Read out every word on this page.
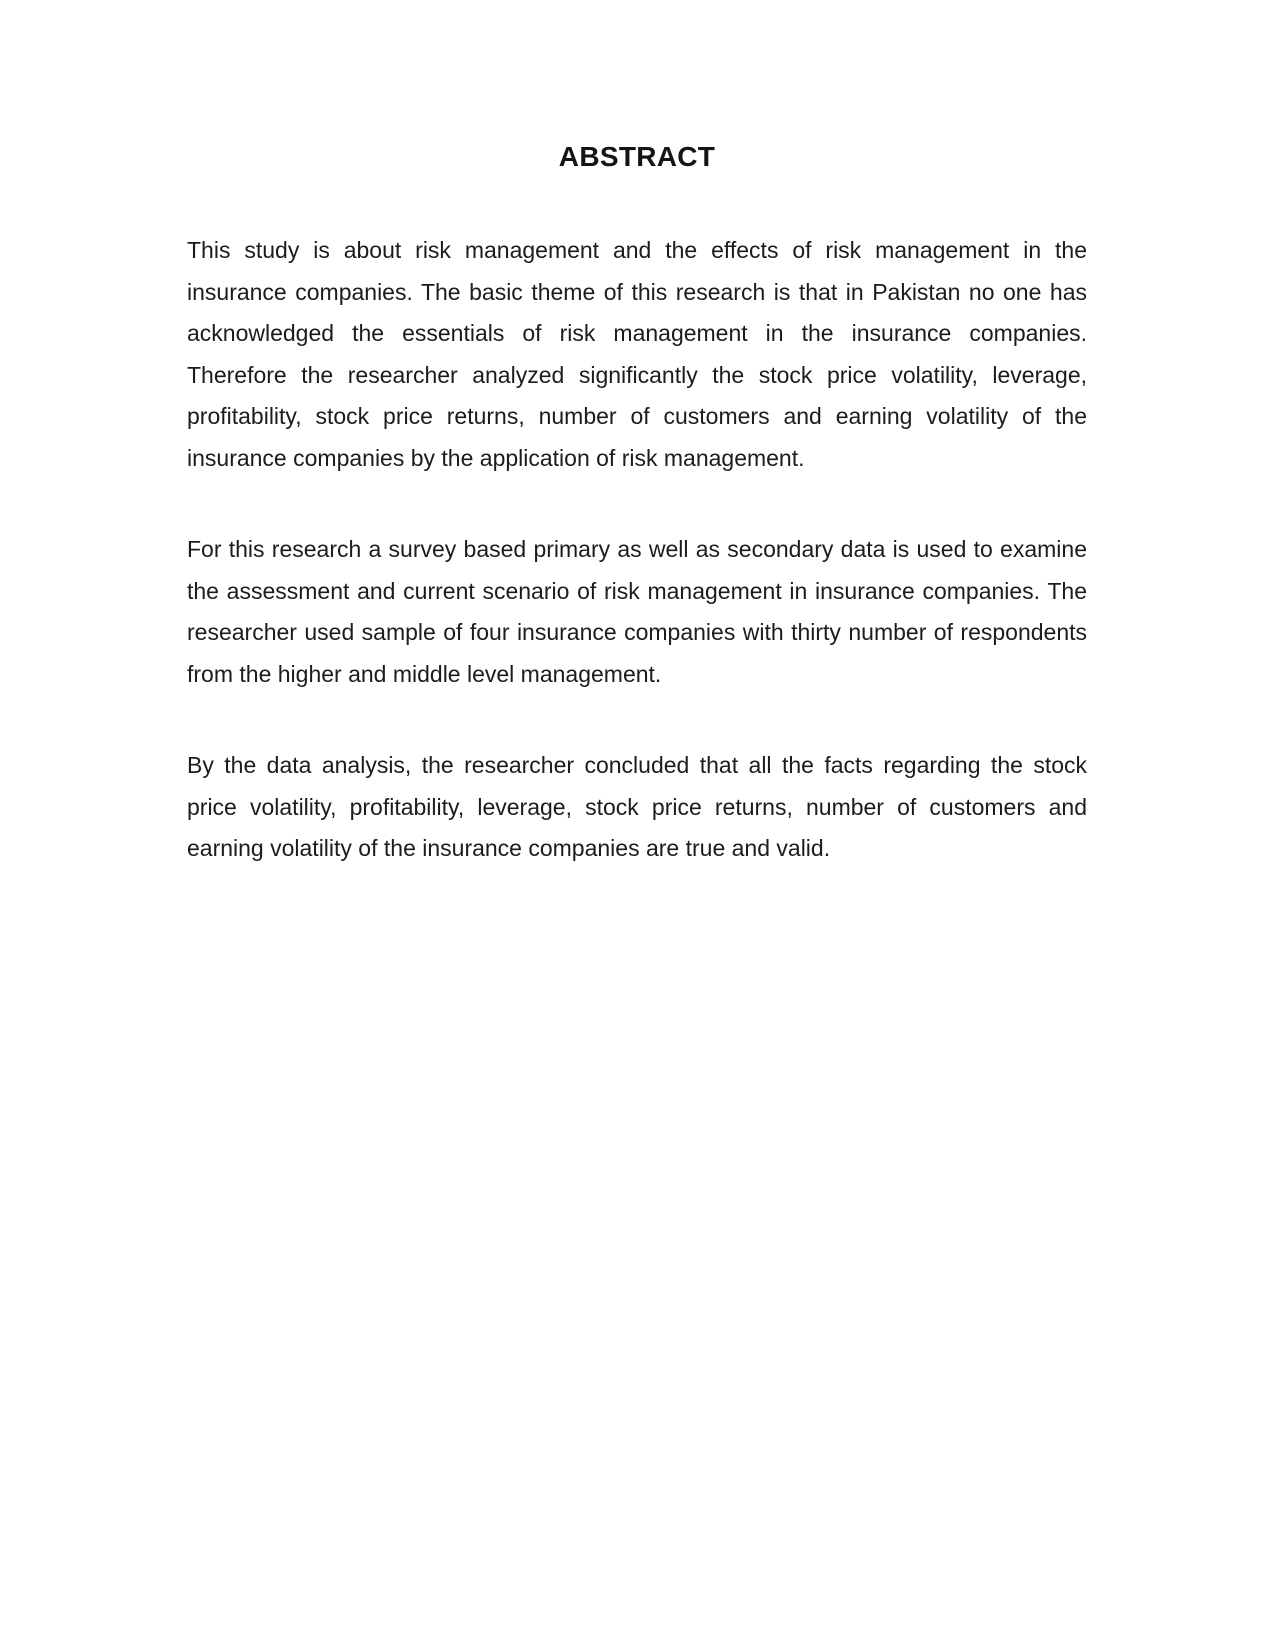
ABSTRACT

This study is about risk management and the effects of risk management in the insurance companies. The basic theme of this research is that in Pakistan no one has acknowledged the essentials of risk management in the insurance companies. Therefore the researcher analyzed significantly the stock price volatility, leverage, profitability, stock price returns, number of customers and earning volatility of the insurance companies by the application of risk management.

For this research a survey based primary as well as secondary data is used to examine the assessment and current scenario of risk management in insurance companies. The researcher used sample of four insurance companies with thirty number of respondents from the higher and middle level management.

By the data analysis, the researcher concluded that all the facts regarding the stock price volatility, profitability, leverage, stock price returns, number of customers and earning volatility of the insurance companies are true and valid.
